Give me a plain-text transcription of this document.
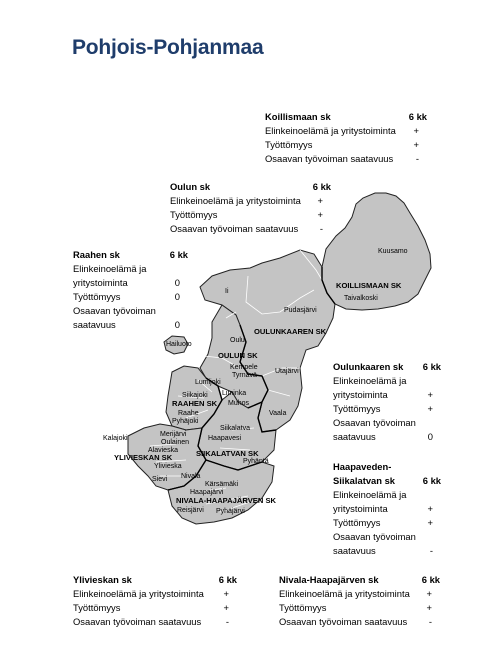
Pohjois-Pohjanmaa
KOILLISMAAN SK
OULUNKAAREN SK
OULUN SK
RAAHEN SK
SIIKALATVAN SK
YLIVIESKAN SK
NIVALA-HAAPAJÄRVEN SK
Kuusamo
Taivalkoski
Ii
Pudasjärvi
Oulu
Hailuoto
Kempele
Tyrnävä
Utajärvi
Lumijoki
Siikajoki Liminka
Muhos
Raahe
Pyhäjoki
Vaala
Siikalatva
Kalajoki
Merijärvi
Oulainen
Haapavesi
Alavieska
Ylivieska
Pyhäntä
Sievi Nivala
Kärsämäki
Haapajärvi
Reisjärvi Pyhäjärvi
Koillismaan sk	6 kk
Elinkeinoelämä ja yritystoiminta +
Työttömyys	+
Osaavan työvoiman saatavuus -
Oulun sk	6 kk
Elinkeinoelämä ja yritystoiminta +
Työttömyys	+
Osaavan työvoiman saatavuus -
Raahen sk	6 kk
Elinkeinoelämä ja yritystoiminta	0
Työttömyys	0
Osaavan työvoiman saatavuus	0
Oulunkaaren sk 6 kk
Elinkeinoelämä ja yritystoiminta	+
Työttömyys	+
Osaavan työvoiman saatavuus	0
Haapaveden-Siikalatvan sk	6 kk
Elinkeinoelämä ja yritystoiminta	+
Työttömyys	+
Osaavan työvoiman saatavuus	-
Ylivieskan sk	6 kk
Elinkeinoelämä ja yritystoiminta +
Työttömyys	+
Osaavan työvoiman saatavuus	-
Nivala-Haapajärven sk	6 kk
Elinkeinoelämä ja yritystoiminta +
Työttömyys	+
Osaavan työvoiman saatavuus -
